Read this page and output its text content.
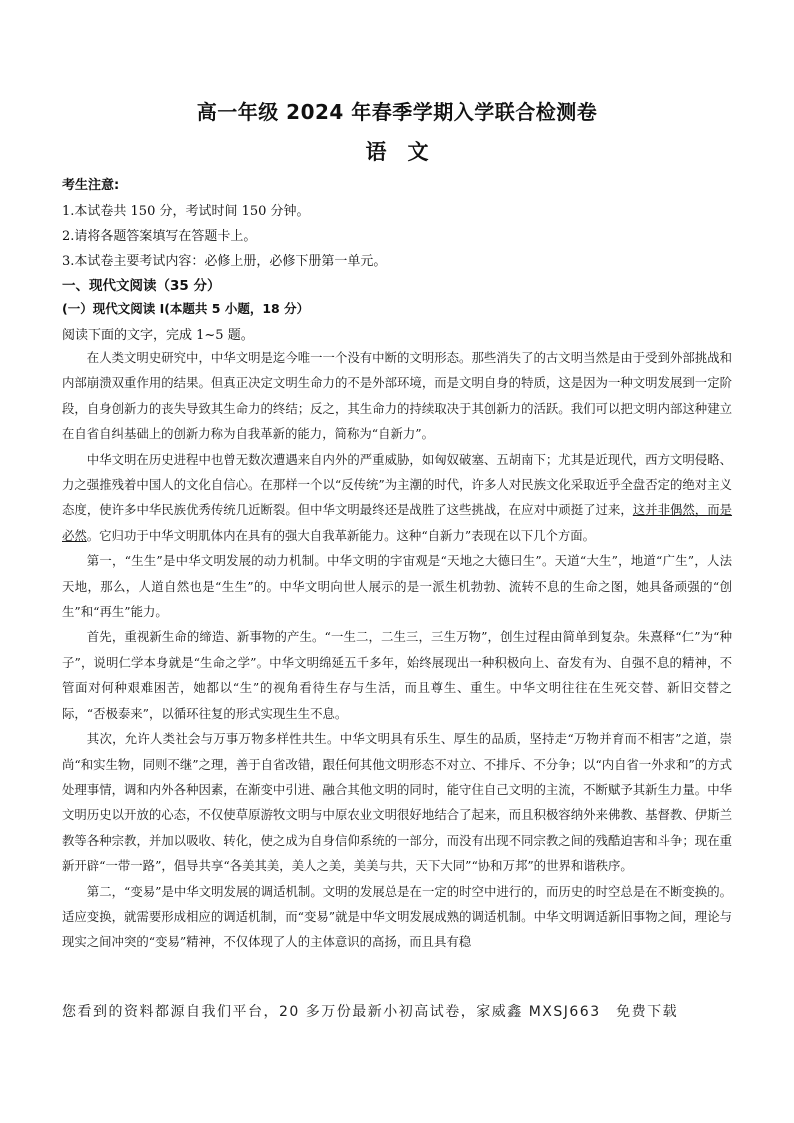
高一年级 2024 年春季学期入学联合检测卷
语　文
考生注意:
1.本试卷共 150 分，考试时间 150 分钟。
2.请将各题答案填写在答题卡上。
3.本试卷主要考试内容：必修上册，必修下册第一单元。
一、现代文阅读（35 分）
(一）现代文阅读 I(本题共 5 小题，18 分）
阅读下面的文字，完成 1~5 题。

在人类文明史研究中，中华文明是迄今唯一一个没有中断的文明形态。那些消失了的古文明当然是由于受到外部挑战和内部崩溃双重作用的结果。但真正决定文明生命力的不是外部环境，而是文明自身的特质，这是因为一种文明发展到一定阶段，自身创新力的丧失导致其生命力的终结；反之，其生命力的持续取决于其创新力的活跃。我们可以把文明内部这种建立在自省自纠基础上的创新力称为自我革新的能力，简称为“自新力”。

中华文明在历史进程中也曾无数次遭遇来自内外的严重威胁，如匈奴破塞、五胡南下；尤其是近现代，西方文明侵略、力之强推残着中国人的文化自信心。在那样一个以“反传统”为主潮的时代，许多人对民族文化采取近乎全盘否定的绝对主义态度，使许多中华民族优秀传统几近断裂。但中华文明最终还是战胜了这些挑战，在应对中顽挺了过来，这并非偶然，而是必然。它归功于中华文明肌体内在具有的强大自我革新能力。这种“自新力”表现在以下几个方面。

第一，“生生”是中华文明发展的动力机制。中华文明的宇宙观是“天地之大德曰生”。天道“大生”，地道“广生”，人法天地，那么，人道自然也是“生生”的。中华文明向世人展示的是一派生机勃勃、流转不息的生命之图，她具备顽强的“创生”和“再生”能力。

首先，重视新生命的缔造、新事物的产生。“一生二，二生三，三生万物”，创生过程由简单到复杂。朱熹释“仁”为“种子”，说明仁学本身就是“生命之学”。中华文明绵延五千多年，始终展现出一种积极向上、奋发有为、自强不息的精神，不管面对何种艰难困苦，她都以“生”的视角看待生存与生活，而且尊生、重生。中华文明往往在生死交替、新旧交替之际，“否极泰来”，以循环往复的形式实现生生不息。

其次，允许人类社会与万事万物多样性共生。中华文明具有乐生、厚生的品质，坚持走“万物并育而不相害”之道，崇尚“和实生物，同则不继”之理，善于自省改错，跟任何其他文明形态不对立、不排斥、不分争；以“内自省一外求和”的方式处理事情，调和内外各种因素，在渐变中引进、融合其他文明的同时，能守住自己文明的主流，不断赋予其新生力量。中华文明历史以开放的心态，不仅使草原游牧文明与中原农业文明很好地结合了起来，而且积极容纳外来佛教、基督教、伊斯兰教等各种宗教，并加以吸收、转化，使之成为自身信仰系统的一部分，而没有出现不同宗教之间的残酷迫害和斗争；现在重新开辟“一带一路”，倡导共享“各美其美，美人之美，美美与共，天下大同”“协和万邦”的世界和谐秩序。

第二，“变易”是中华文明发展的调适机制。文明的发展总是在一定的时空中进行的，而历史的时空总是在不断变换的。适应变换，就需要形成相应的调适机制，而“变易”就是中华文明发展成熟的调适机制。中华文明调适新旧事物之间，理论与现实之间冲突的“变易”精神，不仅体现了人的主体意识的高扬，而且具有稳

您看到的资料都源自我们平台，20 多万份最新小初高试卷，家威鑫 MXSJ663　免费下载
